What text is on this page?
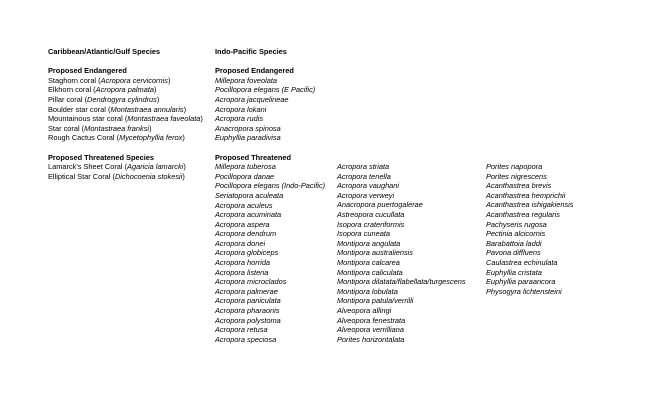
Caribbean/Atlantic/Gulf Species
Proposed Endangered
Staghorn coral (Acropora cervicornis)
Elkhorn coral (Acropora palmata)
Pillar coral (Dendrogyra cylindrus)
Boulder star coral (Montastraea annularis)
Mountainous star coral (Montastraea faveolata)
Star coral (Montastraea franksi)
Rough Cactus Coral (Mycetophyllia ferox)
Proposed Threatened Species
Lamarck's Sheet Coral (Agaricia lamarcki)
Elliptical Star Coral (Dichocoenia stokesii)
Indo-Pacific Species
Proposed Endangered
Millepora foveolata
Pocillopora elegans (E Pacific)
Acropora jacquelineae
Acropora lokani
Acropora rudis
Anacropora spinosa
Euphyllia paradivisa
Proposed Threatened
Millepora tuberosa
Pocillopora danae
Pocillopora elegans (Indo-Pacific)
Seriatopora aculeata
Acropora aculeus
Acropora acuminata
Acropora aspera
Acropora dendrum
Acropora donei
Acropora globiceps
Acropora horrida
Acropora listeria
Acropora microclados
Acropora palmerae
Acropora paniculata
Acropora pharaonis
Acropora polystoma
Acropora retusa
Acropora speciosa
Acropora striata
Acropora tenella
Acropora vaughani
Acropora verweyi
Anacropora puertogalerae
Astreopora cucullata
Isopora crateriformis
Isopora cuneata
Montipora angulata
Montipora australiensis
Montipora calcarea
Montipora caliculata
Montipora dilatata/flabellata/turgescens
Montipora lobulata
Montipora patula/verrilli
Alveopora allingi
Alveopora fenestrata
Alveopora verrilliana
Porites horizontalata
Porites napopora
Porites nigrescens
Acanthastrea brevis
Acanthastrea hemprichii
Acanthastrea ishigakiensis
Acanthastrea regularis
Pachyseris rugosa
Pectinia alcicornis
Barabattoia laddi
Pavona diffluens
Caulastrea echinulata
Euphyllia cristata
Euphyllia paraancora
Physogyra lichtensteini
